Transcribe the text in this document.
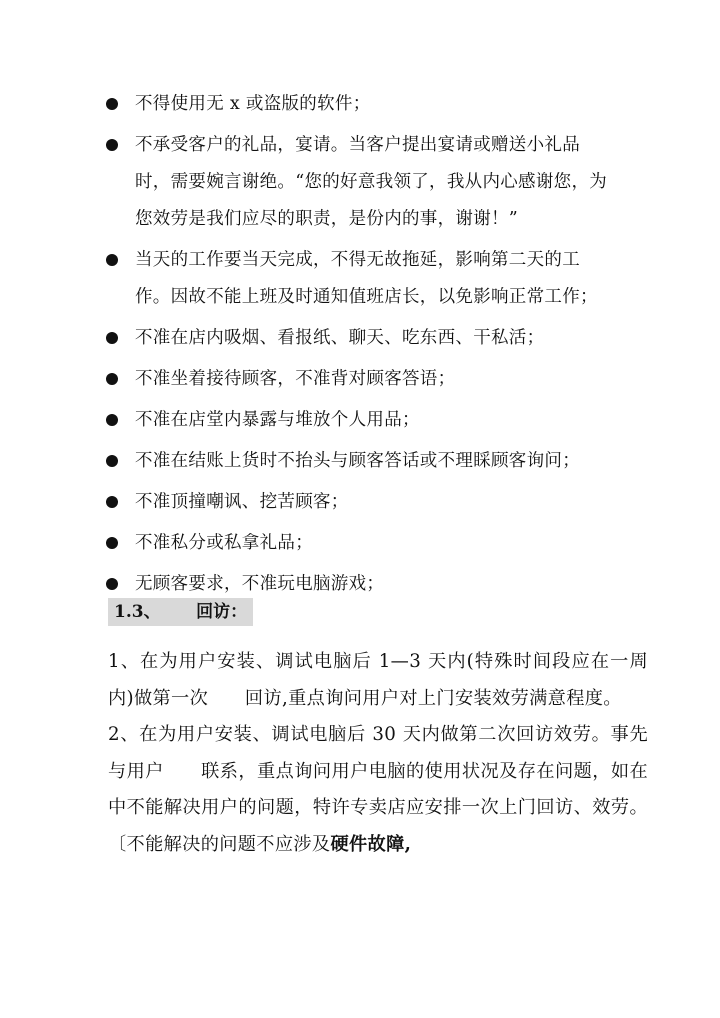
不得使用无 x 或盗版的软件；
不承受客户的礼品，宴请。当客户提出宴请或赠送小礼品时，需要婉言谢绝。“您的好意我领了，我从内心感谢您，为您效劳是我们应尽的职责，是份内的事，谢谢！”
当天的工作要当天完成，不得无故拖延，影响第二天的工作。因故不能上班及时通知值班店长，以免影响正常工作；
不准在店内吸烟、看报纸、聊天、吃东西、干私活；
不准坐着接待顾客，不准背对顾客答语；
不准在店堂内暴露与堆放个人用品；
不准在结账上货时不抬头与顾客答话或不理睬顾客询问；
不准顶撞嘲讽、挖苦顾客；
不准私分或私拿礼品；
无顾客要求，不准玩电脑游戏；
1.3、      回访：
1、在为用户安装、调试电脑后 1—3 天内(特殊时间段应在一周内)做第一次      回访,重点询问用户对上门安装效劳满意程度。
2、在为用户安装、调试电脑后 30 天内做第二次回访效劳。事先与用户      联系，重点询问用户电脑的使用状况及存在问题，如在      中不能解决用户的问题，特许专卖店应安排一次上门回访、效劳。〔不能解决的问题不应涉及硬件故障,
